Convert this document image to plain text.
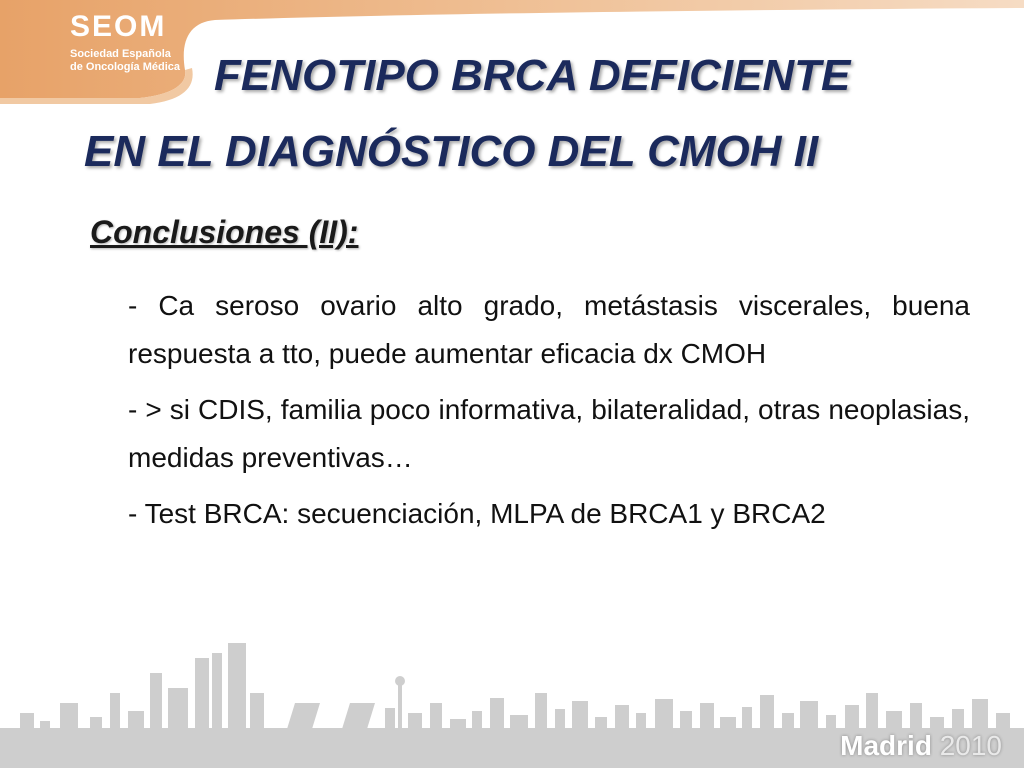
SEOM
Sociedad Española
de Oncología Médica FENOTIPO BRCA DEFICIENTE
EN EL DIAGNÓSTICO DEL CMOH II
Conclusiones (II):
- Ca seroso ovario alto grado, metástasis viscerales, buena respuesta a tto, puede aumentar eficacia dx CMOH
- > si CDIS, familia poco informativa, bilateralidad, otras neoplasias, medidas preventivas…
- Test BRCA: secuenciación, MLPA de BRCA1 y BRCA2
Madrid 2010
